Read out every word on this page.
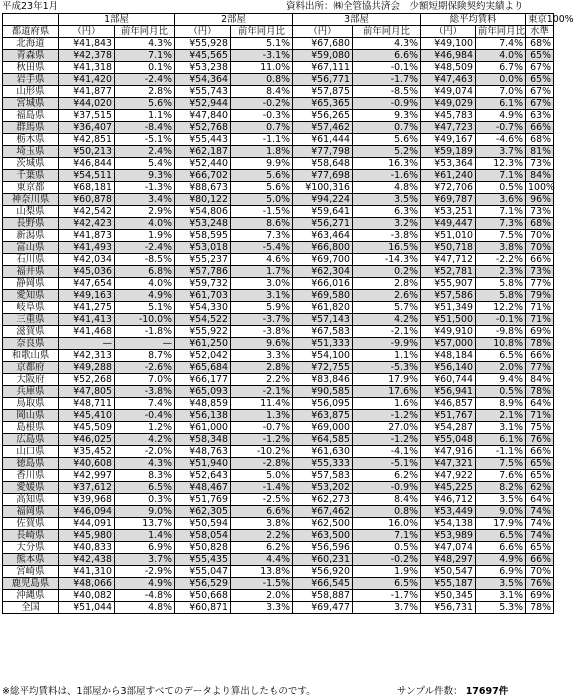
平成23年1月	資料出所：㈱全管協共済会　少額短期保険契約実績より
	1部屋		2部屋		3部屋		総平均賃料		東京100%
都道府県	（円）	前年同月比	（円）	前年同月比	（円）	前年同月比	（円）	前年同月比	水準
北海道	¥41,843	4.3%	¥55,928	5.1%	¥67,680	4.3%	¥49,100	7.4%	68%
青森県	¥42,378	7.1%	¥45,565	-3.1%	¥59,080	6.6%	¥46,984	4.0%	65%
秋田県	¥41,318	0.1%	¥53,238	11.0%	¥67,111	-0.1%	¥48,509	6.7%	67%
岩手県	¥41,420	-2.4%	¥54,364	0.8%	¥56,771	-1.7%	¥47,463	0.0%	65%
山形県	¥41,877	2.8%	¥55,743	8.4%	¥57,875	-8.5%	¥49,074	7.0%	67%
宮城県	¥44,020	5.6%	¥52,944	-0.2%	¥65,365	-0.9%	¥49,029	6.1%	67%
福島県	¥37,515	1.1%	¥47,840	-0.3%	¥56,265	9.3%	¥45,783	4.9%	63%
群馬県	¥36,407	-8.4%	¥52,768	0.7%	¥57,462	0.7%	¥47,723	-0.7%	66%
栃木県	¥42,851	-5.1%	¥55,443	-1.1%	¥61,444	5.6%	¥49,167	-4.6%	68%
埼玉県	¥50,213	2.4%	¥62,187	1.8%	¥77,798	5.2%	¥59,189	3.7%	81%
茨城県	¥46,844	5.4%	¥52,440	9.9%	¥58,648	16.3%	¥53,364	12.3%	73%
千葉県	¥54,511	9.3%	¥66,702	5.6%	¥77,698	-1.6%	¥61,240	7.1%	84%
東京都	¥68,181	-1.3%	¥88,673	5.6%	¥100,316	4.8%	¥72,706	0.5%	100%
神奈川県	¥60,878	3.4%	¥80,122	5.0%	¥94,224	3.5%	¥69,787	3.6%	96%
山梨県	¥42,542	2.9%	¥54,806	-1.5%	¥59,641	6.3%	¥53,251	7.1%	73%
長野県	¥42,423	4.0%	¥53,248	8.6%	¥56,271	3.2%	¥49,447	7.3%	68%
新潟県	¥41,873	1.9%	¥58,595	7.3%	¥63,464	-3.8%	¥51,010	7.5%	70%
富山県	¥41,493	-2.4%	¥53,018	-5.4%	¥66,800	16.5%	¥50,718	3.8%	70%
石川県	¥42,034	-8.5%	¥55,237	4.6%	¥69,700	-14.3%	¥47,712	-2.2%	66%
福井県	¥45,036	6.8%	¥57,786	1.7%	¥62,304	0.2%	¥52,781	2.3%	73%
静岡県	¥47,654	4.0%	¥59,732	3.0%	¥66,016	2.8%	¥55,907	5.8%	77%
愛知県	¥49,163	4.9%	¥61,703	3.1%	¥69,580	2.6%	¥57,586	5.8%	79%
岐阜県	¥41,275	5.1%	¥54,330	5.9%	¥61,820	5.7%	¥51,349	12.2%	71%
三重県	¥41,413	-10.0%	¥54,522	-3.7%	¥57,143	4.2%	¥51,500	-0.1%	71%
滋賀県	¥41,468	-1.8%	¥55,922	-3.8%	¥67,583	-2.1%	¥49,910	-9.8%	69%
奈良県	—	—	¥61,250	9.6%	¥51,333	-9.9%	¥57,000	10.8%	78%
和歌山県	¥42,313	8.7%	¥52,042	3.3%	¥54,100	1.1%	¥48,184	6.5%	66%
京都府	¥49,288	-2.6%	¥65,684	2.8%	¥72,755	-5.3%	¥56,140	2.0%	77%
大阪府	¥52,268	7.0%	¥66,177	2.2%	¥83,846	17.9%	¥60,744	9.4%	84%
兵庫県	¥47,805	-3.8%	¥65,093	-2.1%	¥90,585	17.6%	¥56,941	0.5%	78%
鳥取県	¥48,711	7.4%	¥48,859	11.4%	¥56,095	1.6%	¥46,857	8.9%	64%
岡山県	¥45,410	-0.4%	¥56,138	1.3%	¥63,875	-1.2%	¥51,767	2.1%	71%
島根県	¥45,509	1.2%	¥61,000	-0.7%	¥69,000	27.0%	¥54,287	3.1%	75%
広島県	¥46,025	4.2%	¥58,348	-1.2%	¥64,585	-1.2%	¥55,048	6.1%	76%
山口県	¥35,452	-2.0%	¥48,763	-10.2%	¥61,630	-4.1%	¥47,916	-1.1%	66%
徳島県	¥40,608	4.3%	¥51,940	-2.8%	¥55,333	-5.1%	¥47,321	7.5%	65%
香川県	¥42,997	8.3%	¥52,643	5.0%	¥57,583	6.2%	¥47,922	7.6%	65%
愛媛県	¥37,612	6.5%	¥48,467	-1.4%	¥53,202	-0.9%	¥45,225	8.2%	62%
高知県	¥39,968	0.3%	¥51,769	-2.5%	¥62,273	8.4%	¥46,712	3.5%	64%
福岡県	¥46,094	9.0%	¥62,305	6.6%	¥67,462	0.8%	¥53,449	9.0%	74%
佐賀県	¥44,091	13.7%	¥50,594	3.8%	¥62,500	16.0%	¥54,138	17.9%	74%
長崎県	¥45,980	1.4%	¥58,054	2.2%	¥63,500	7.1%	¥53,989	6.5%	74%
大分県	¥40,833	6.9%	¥50,828	6.2%	¥56,596	0.5%	¥47,074	6.6%	65%
熊本県	¥42,438	3.7%	¥55,435	4.4%	¥60,231	-0.2%	¥48,297	4.9%	66%
宮崎県	¥41,310	-2.9%	¥55,047	13.8%	¥56,920	1.9%	¥50,547	6.9%	70%
鹿児島県	¥48,066	4.9%	¥56,529	-1.5%	¥66,545	6.5%	¥55,187	3.5%	76%
沖縄県	¥40,082	-4.8%	¥50,668	2.0%	¥58,887	-1.7%	¥50,345	3.1%	69%
全国	¥51,044	4.8%	¥60,871	3.3%	¥69,477	3.7%	¥56,731	5.3%	78%
※総平均賃料は、1部屋から3部屋すべてのデータより算出したものです。	サンプル件数： 17697件
